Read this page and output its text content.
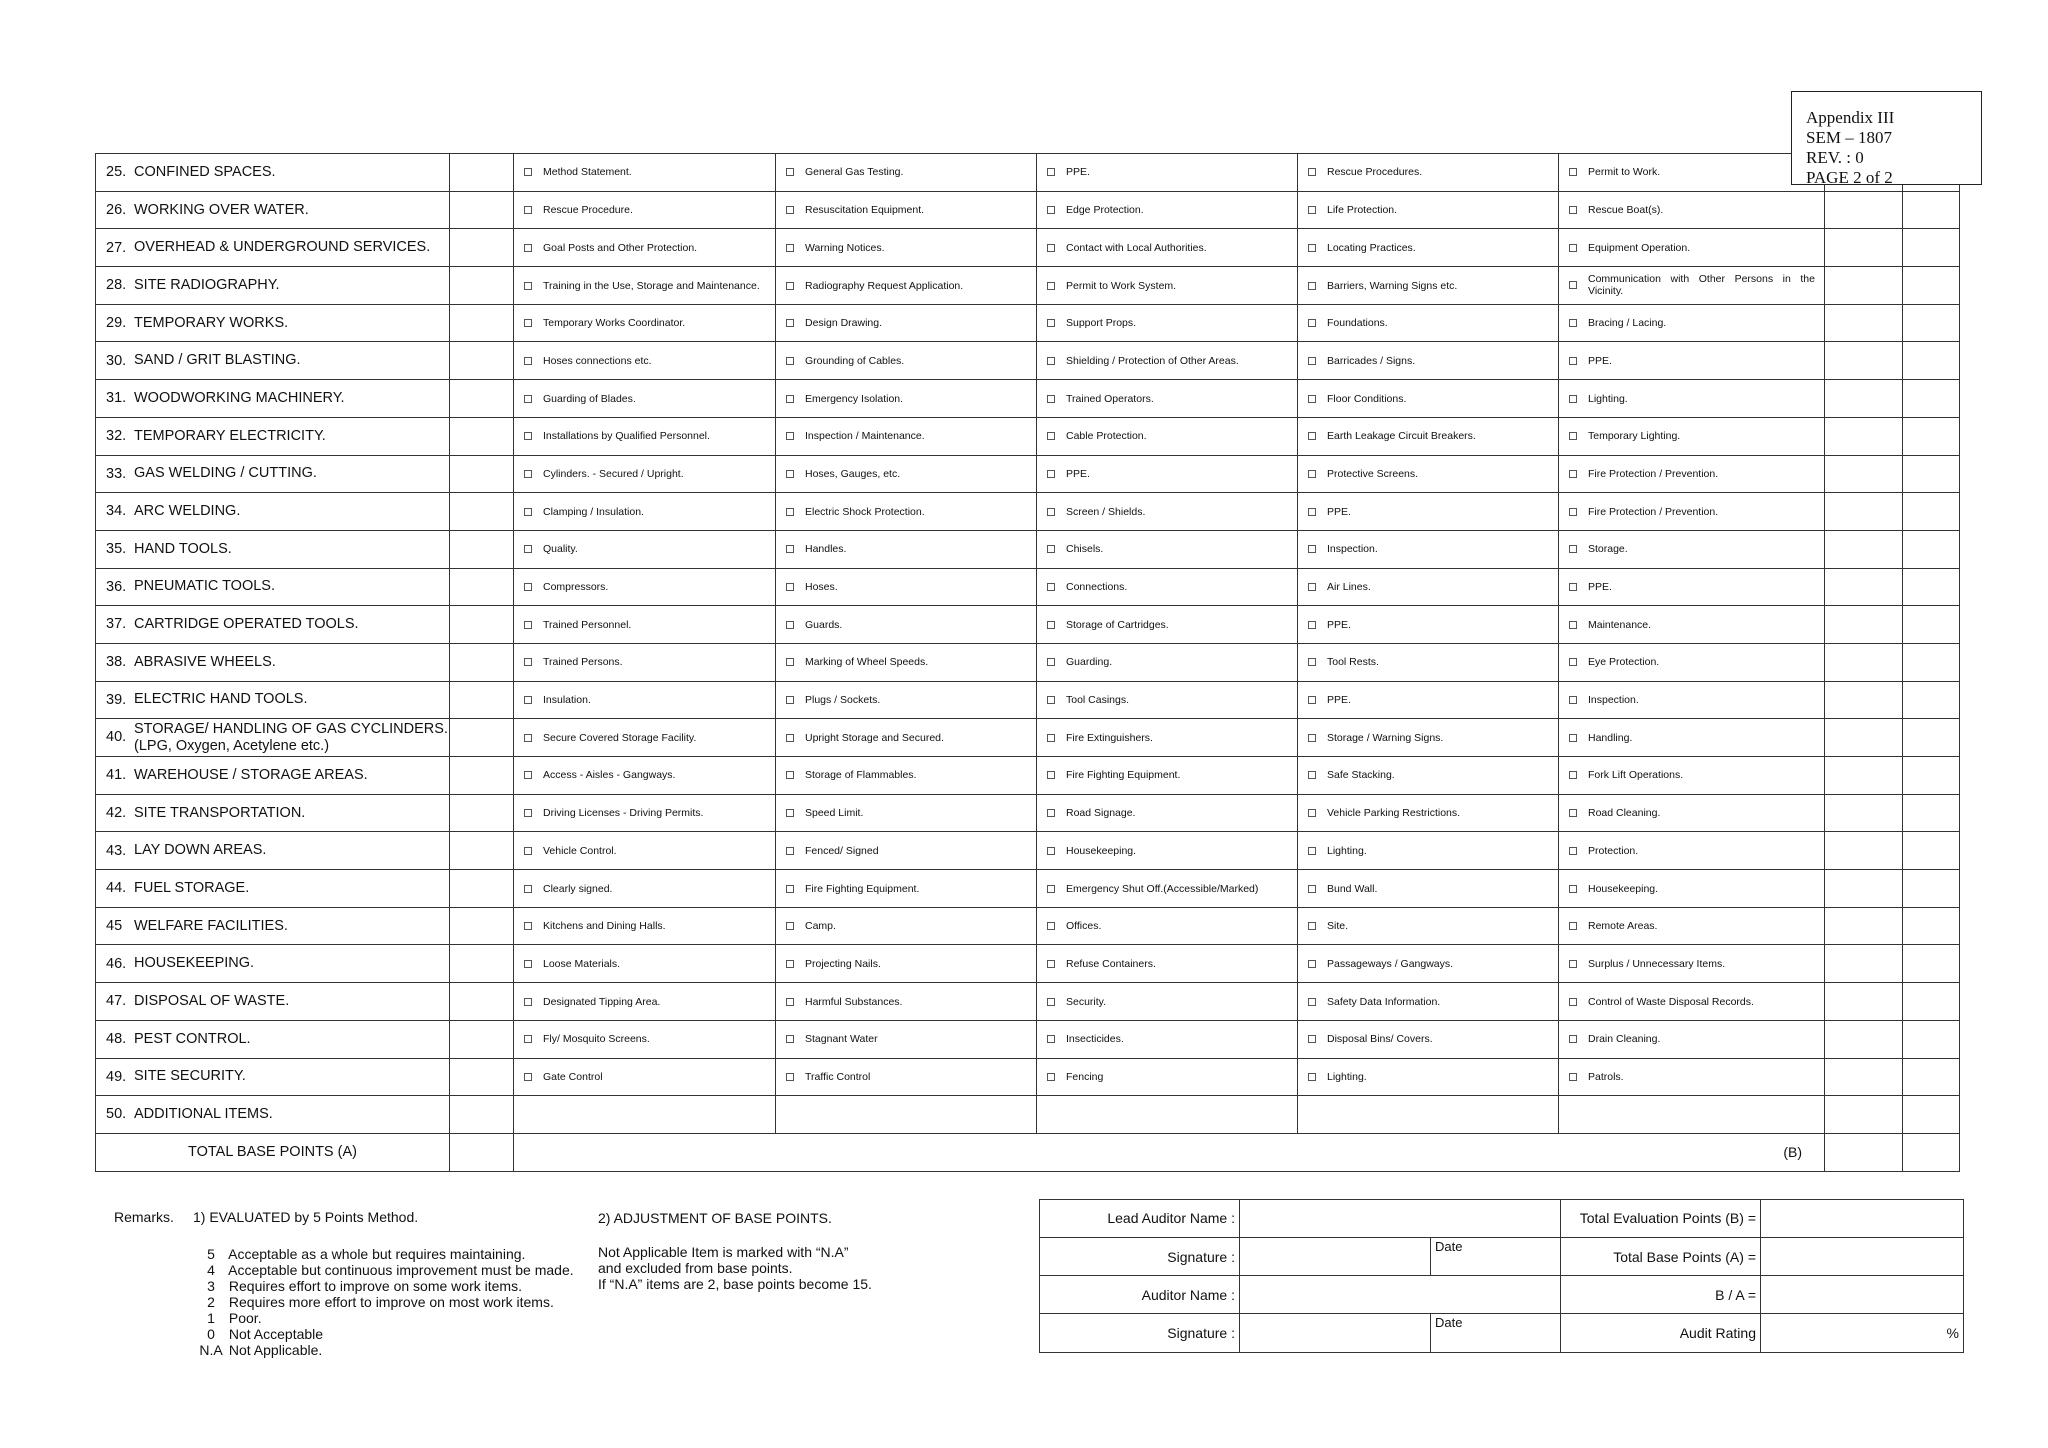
Appendix III
SEM – 1807
REV. : 0
PAGE 2 of 2
25. CONFINED SPACES.		Method Statement.	General Gas Testing.	PPE.	Rescue Procedures.	Permit to Work.		
26. WORKING OVER WATER.		Rescue Procedure.	Resuscitation Equipment.	Edge Protection.	Life Protection.	Rescue Boat(s).		
27. OVERHEAD & UNDERGROUND SERVICES.		Goal Posts and Other Protection.	Warning Notices.	Contact with Local Authorities.	Locating Practices.	Equipment Operation.		
28. SITE RADIOGRAPHY.		Training in the Use, Storage and Maintenance.	Radiography Request Application.	Permit to Work System.	Barriers, Warning Signs etc.	Communication with Other Persons in the Vicinity.		
29. TEMPORARY WORKS.		Temporary Works Coordinator.	Design Drawing.	Support Props.	Foundations.	Bracing / Lacing.		
30. SAND / GRIT BLASTING.		Hoses connections etc.	Grounding of Cables.	Shielding / Protection of Other Areas.	Barricades / Signs.	PPE.		
31. WOODWORKING MACHINERY.		Guarding of Blades.	Emergency Isolation.	Trained Operators.	Floor Conditions.	Lighting.		
32. TEMPORARY ELECTRICITY.		Installations by Qualified Personnel.	Inspection / Maintenance.	Cable Protection.	Earth Leakage Circuit Breakers.	Temporary Lighting.		
33. GAS WELDING / CUTTING.		Cylinders. - Secured / Upright.	Hoses, Gauges, etc.	PPE.	Protective Screens.	Fire Protection / Prevention.		
34. ARC WELDING.		Clamping / Insulation.	Electric Shock Protection.	Screen / Shields.	PPE.	Fire Protection / Prevention.		
35. HAND TOOLS.		Quality.	Handles.	Chisels.	Inspection.	Storage.		
36. PNEUMATIC TOOLS.		Compressors.	Hoses.	Connections.	Air Lines.	PPE.		
37. CARTRIDGE OPERATED TOOLS.		Trained Personnel.	Guards.	Storage of Cartridges.	PPE.	Maintenance.		
38. ABRASIVE WHEELS.		Trained Persons.	Marking of Wheel Speeds.	Guarding.	Tool Rests.	Eye Protection.		
39. ELECTRIC HAND TOOLS.		Insulation.	Plugs / Sockets.	Tool Casings.	PPE.	Inspection.		
40.
STORAGE/ HANDLING OF GAS CYCLINDERS.
(LPG, Oxygen, Acetylene etc.)		Secure Covered Storage Facility.	Upright Storage and Secured.	Fire Extinguishers.	Storage / Warning Signs.	Handling.		
41. WAREHOUSE / STORAGE AREAS.		Access - Aisles - Gangways.	Storage of Flammables.	Fire Fighting Equipment.	Safe Stacking.	Fork Lift Operations.		
42. SITE TRANSPORTATION.		Driving Licenses - Driving Permits.	Speed Limit.	Road Signage.	Vehicle Parking Restrictions.	Road Cleaning.		
43. LAY DOWN AREAS.		Vehicle Control.	Fenced/ Signed	Housekeeping.	Lighting.	Protection.		
44. FUEL STORAGE.		Clearly signed.	Fire Fighting Equipment.	Emergency Shut Off.(Accessible/Marked)	Bund Wall.	Housekeeping.		
45 WELFARE FACILITIES.		Kitchens and Dining Halls.	Camp.	Offices.	Site.	Remote Areas.		
46. HOUSEKEEPING.		Loose Materials.	Projecting Nails.	Refuse Containers.	Passageways / Gangways.	Surplus / Unnecessary Items.		
47. DISPOSAL OF WASTE.		Designated Tipping Area.	Harmful Substances.	Security.	Safety Data Information.	Control of Waste Disposal Records.		
48. PEST CONTROL.		Fly/ Mosquito Screens.	Stagnant Water	Insecticides.	Disposal Bins/ Covers.	Drain Cleaning.		
49. SITE SECURITY.		Gate Control	Traffic Control	Fencing	Lighting.	Patrols.		
50. ADDITIONAL ITEMS.								

TOTAL BASE POINTS (A)		(B)						
Remarks. 1) EVALUATED by 5 Points Method.
5 Acceptable as a whole but requires maintaining.
4 Acceptable but continuous improvement must be made.
3 Requires effort to improve on some work items.
2 Requires more effort to improve on most work items.
1 Poor.
0 Not Acceptable
N.A Not Applicable.
2) ADJUSTMENT OF BASE POINTS.
Not Applicable Item is marked with “N.A”
and excluded from base points.
If “N.A” items are 2, base points become 15.
Lead Auditor Name :			Total Evaluation Points (B) =	
Signature :		Date	Total Base Points (A) =	
Auditor Name :			B / A =	
Signature :		Date	Audit Rating	%
